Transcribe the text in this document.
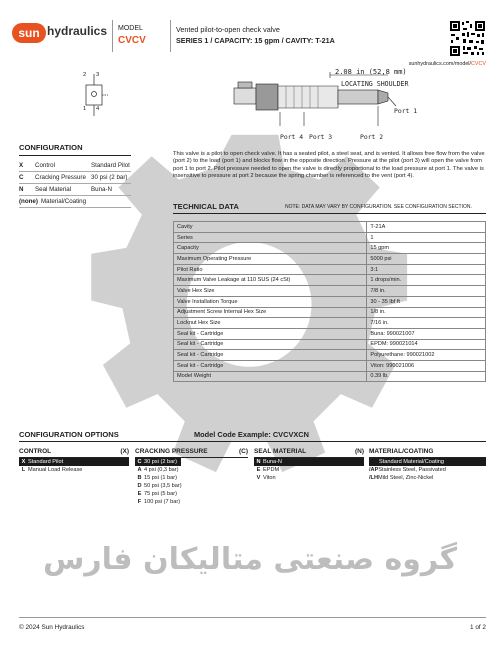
sun hydraulics MODEL
CVCV
Vented pilot-to-open check valve
SERIES 1 / CAPACITY: 15 gpm / CAVITY: T-21A
sunhydraulics.com/model/CVCV
2 3
1 4
2.08 in (52,8 mm)
LOCATING SHOULDER
Port 1
Port 4 Port 3	Port 2
CONFIGURATION
X	Control	Standard Pilot
C	Cracking Pressure 30 psi (2 bar)
N	Seal Material	Buna-N
(none) Material/Coating
This valve is a pilot to open check valve. It has a seated pilot, a steel seat, and is vented. It allows free flow from the valve (port 2) to the load (port 1) and blocks flow in the opposite direction. Pressure at the pilot (port 3) will open the valve from port 1 to port 2. Pilot pressure needed to open the valve is directly proportional to the load pressure at port 1. The valve is insensitive to pressure at port 2 because the spring chamber is referenced to the vent (port 4).
TECHNICAL DATA	NOTE: DATA MAY VARY BY CONFIGURATION. SEE CONFIGURATION SECTION.
Cavity	T-21A
Series	1
Capacity	15 gpm
Maximum Operating Pressure	5000 psi
Pilot Ratio	3:1
Maximum Valve Leakage at 110 SUS (24 cSt)	1 drops/min.
Valve Hex Size	7/8 in.
Valve Installation Torque	30 - 35 lbf ft
Adjustment Screw Internal Hex Size	1/8 in.
Locknut Hex Size	7/16 in.
Seal kit - Cartridge	Buna: 990021007
Seal kit - Cartridge	EPDM: 990021014
Seal kit - Cartridge	Polyurethane: 990021002
Seal kit - Cartridge	Viton: 990021006
Model Weight	0.39 lb.
CONFIGURATION OPTIONS	Model Code Example: CVCVXCN
CONTROL	(X)
X Standard Pilot
L Manual Load Release
CRACKING PRESSURE	(C)
C 30 psi (2 bar)
A 4 psi (0,3 bar)
B 15 psi (1 bar)
D 50 psi (3,5 bar)
E 75 psi (5 bar)
F 100 psi (7 bar)
SEAL MATERIAL	(N)
N Buna-N
E EPDM
V Viton
MATERIAL/COATING
Standard Material/Coating
/AP Stainless Steel, Passivated
/LH Mild Steel, Zinc-Nickel
گروه صنعتی متالیکان فارس
© 2024 Sun Hydraulics	1 of 2
